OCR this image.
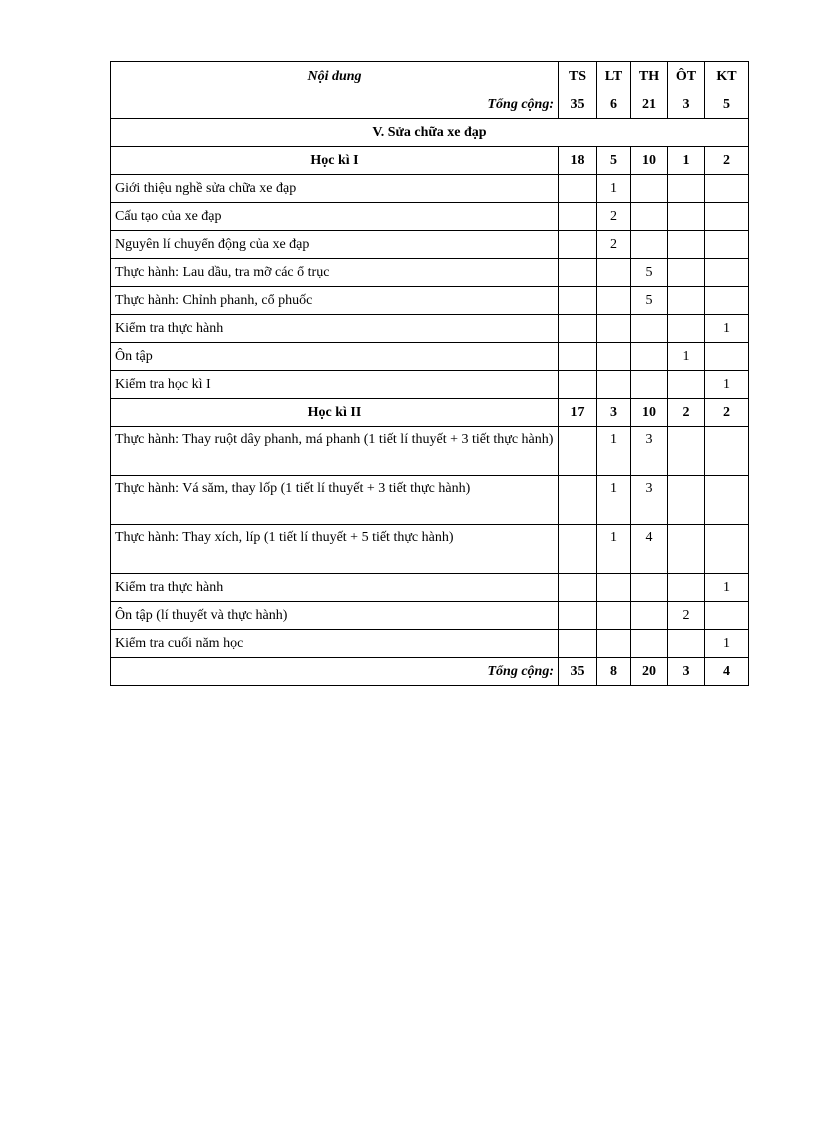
Nội dung	TS	LT	TH	ÔT	KT
Tổng cộng:	35	6	21	3	5
V. Sửa chữa xe đạp					
Học kì I	18	5	10	1	2
Giới thiệu nghề sửa chữa xe đạp		1			
Cấu tạo của xe đạp		2			
Nguyên lí chuyển động của xe đạp		2			
Thực hành: Lau dầu, tra mỡ các ổ trục			5		
Thực hành: Chỉnh phanh, cổ phuốc			5		
Kiểm tra thực hành					1
Ôn tập				1	
Kiểm tra học kì I					1
Học kì II	17	3	10	2	2
Thực hành: Thay ruột dây phanh, má phanh (1 tiết lí thuyết + 3 tiết thực hành)		1	3		
Thực hành: Vá săm, thay lốp (1 tiết lí thuyết + 3 tiết thực hành)		1	3		
Thực hành: Thay xích, líp (1 tiết lí thuyết + 5 tiết thực hành)		1	4		
Kiểm tra thực hành					1
Ôn tập (lí thuyết và thực hành)				2	
Kiểm tra cuối năm học					1
Tổng cộng:	35	8	20	3	4
